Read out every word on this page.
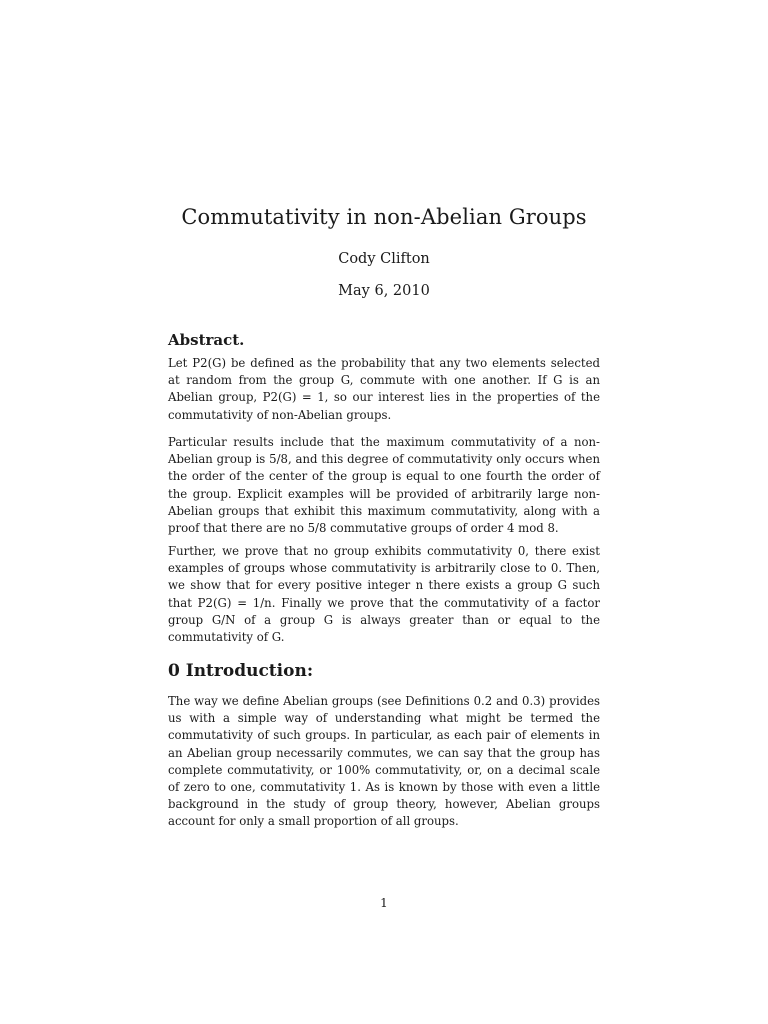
Commutativity in non-Abelian Groups
Cody Clifton
May 6, 2010
Abstract.
Let P2(G) be defined as the probability that any two elements selected at random from the group G, commute with one another. If G is an Abelian group, P2(G) = 1, so our interest lies in the properties of the commutativity of non-Abelian groups.
Particular results include that the maximum commutativity of a non-Abelian group is 5/8, and this degree of commutativity only occurs when the order of the center of the group is equal to one fourth the order of the group. Explicit examples will be provided of arbitrarily large non-Abelian groups that exhibit this maximum commutativity, along with a proof that there are no 5/8 commutative groups of order 4 mod 8.
Further, we prove that no group exhibits commutativity 0, there exist examples of groups whose commutativity is arbitrarily close to 0. Then, we show that for every positive integer n there exists a group G such that P2(G) = 1/n. Finally we prove that the commutativity of a factor group G/N of a group G is always greater than or equal to the commutativity of G.
0 Introduction:
The way we define Abelian groups (see Definitions 0.2 and 0.3) provides us with a simple way of understanding what might be termed the commutativity of such groups. In particular, as each pair of elements in an Abelian group necessarily commutes, we can say that the group has complete commutativity, or 100% commutativity, or, on a decimal scale of zero to one, commutativity 1. As is known by those with even a little background in the study of group theory, however, Abelian groups account for only a small proportion of all groups.
1
